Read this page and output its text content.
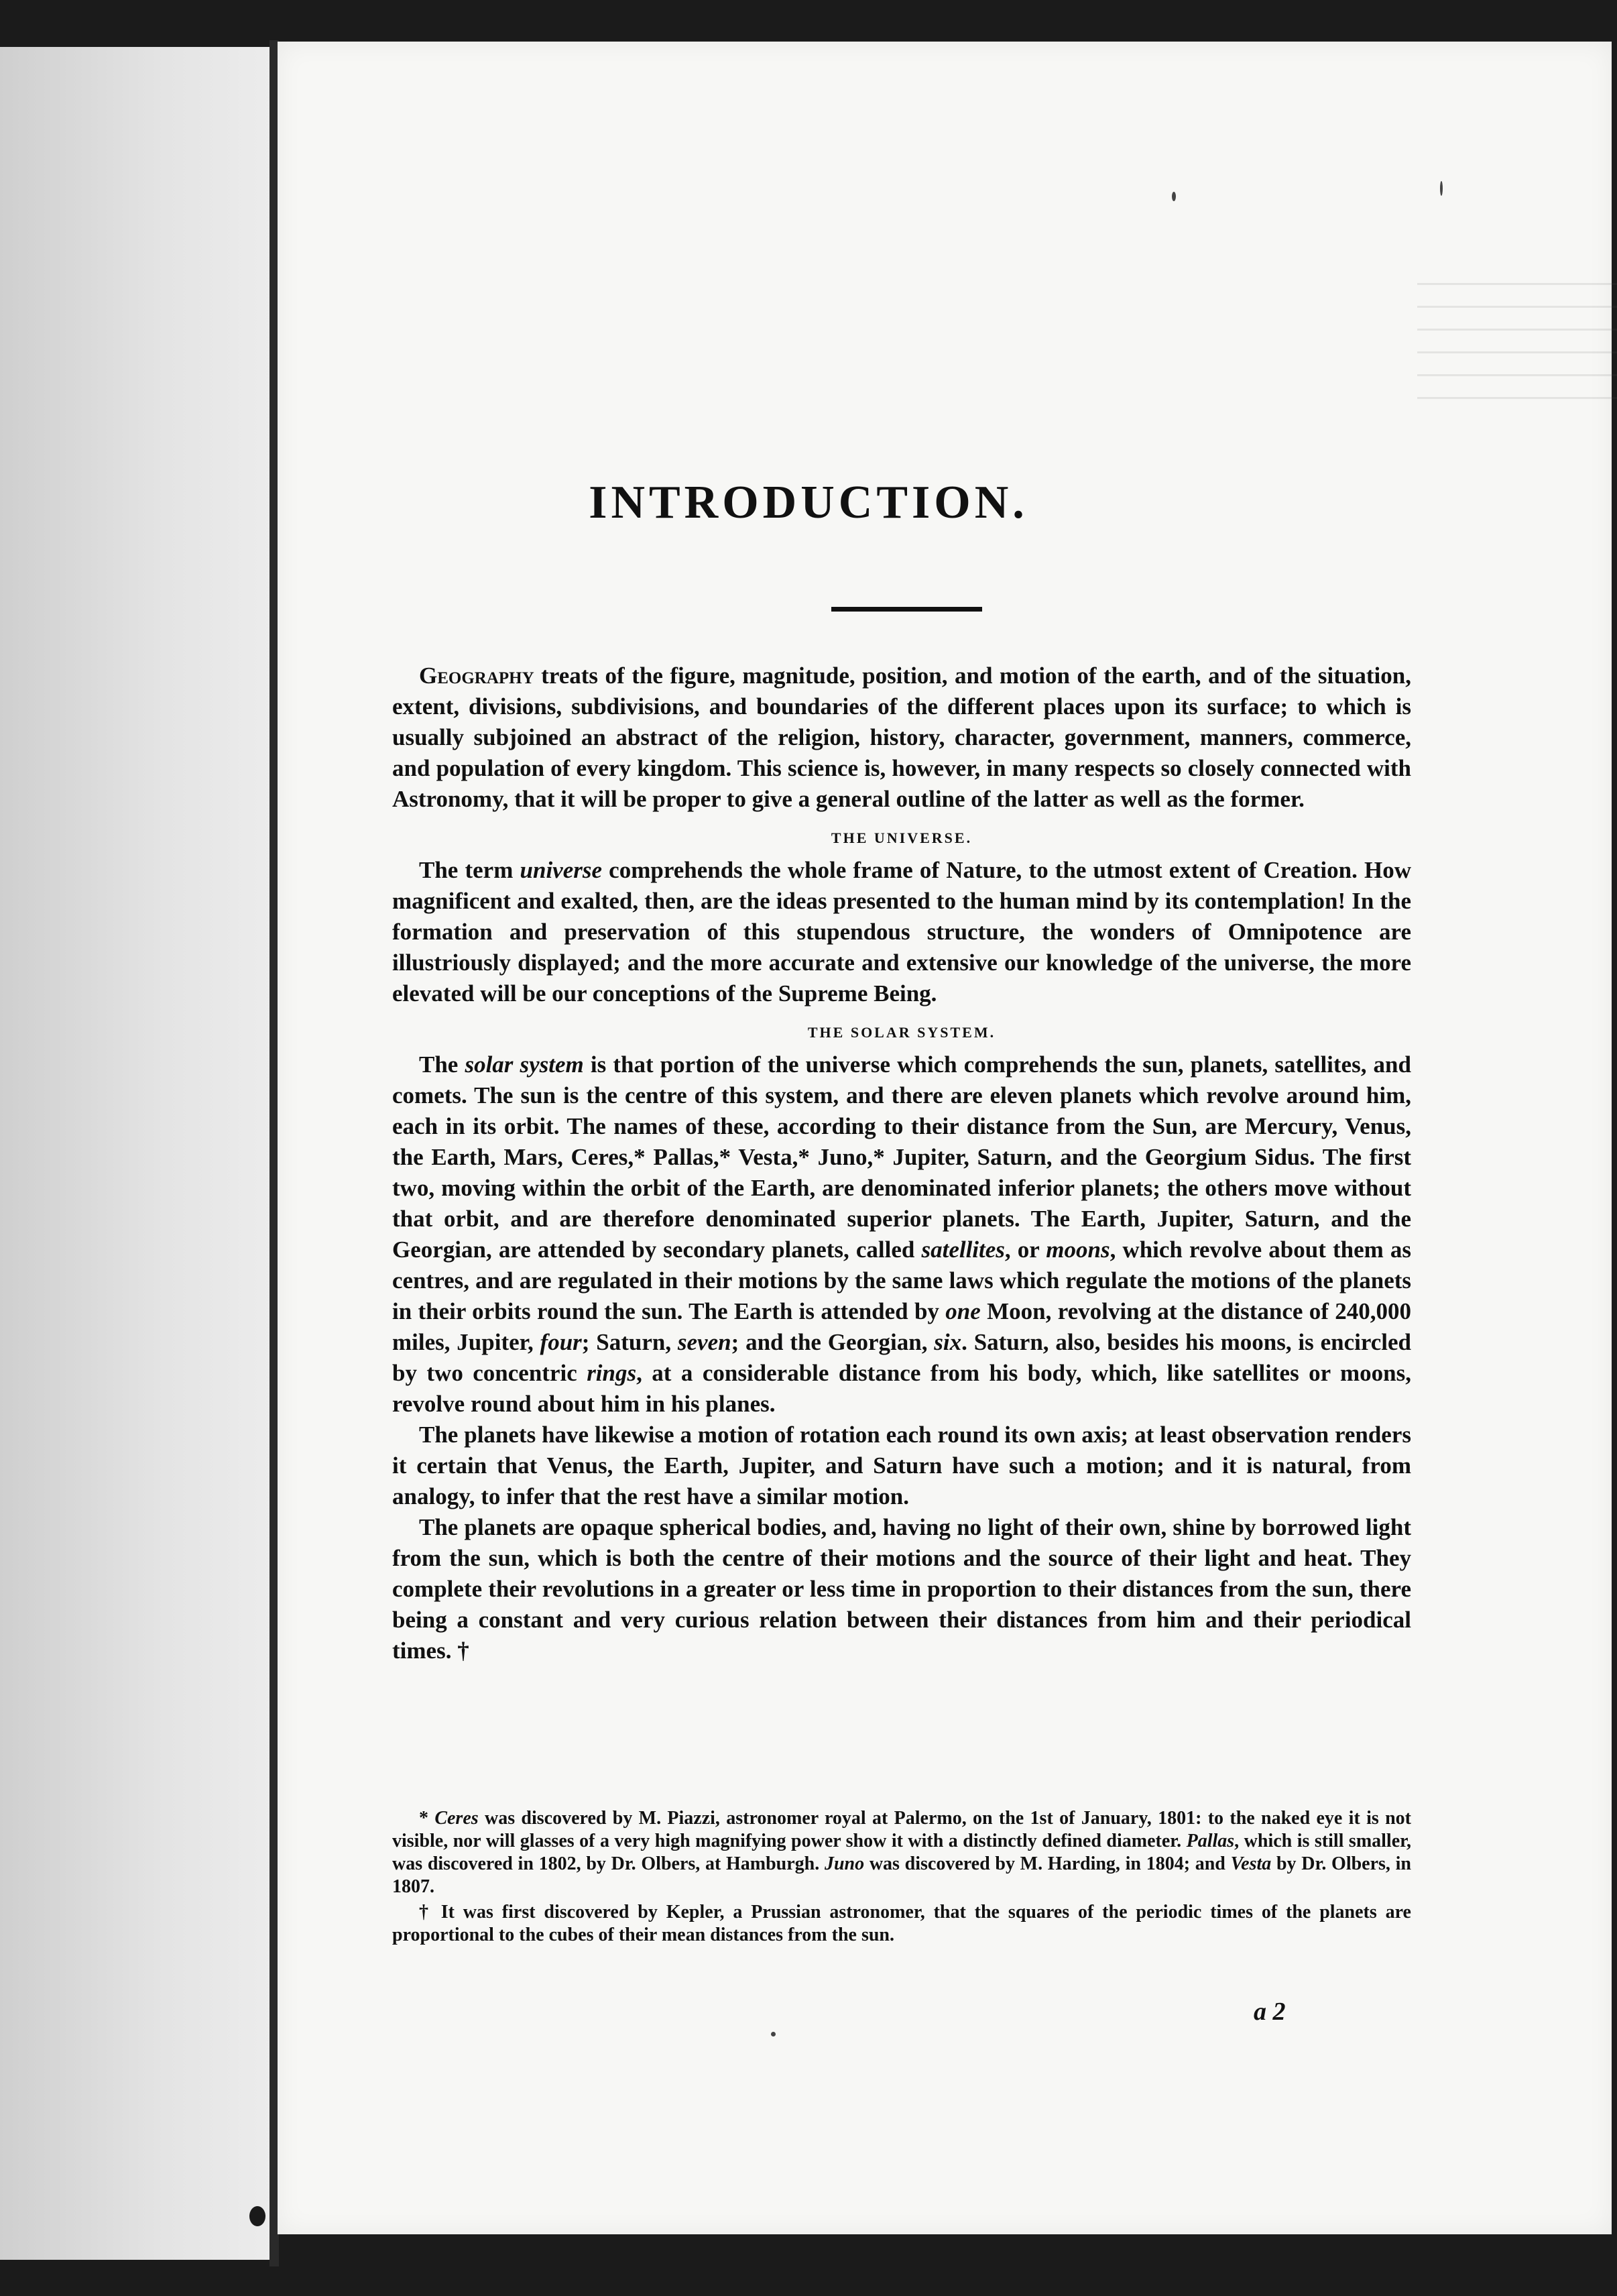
INTRODUCTION.

Geography treats of the figure, magnitude, position, and motion of the earth, and of the situation, extent, divisions, subdivisions, and boundaries of the different places upon its surface; to which is usually subjoined an abstract of the religion, history, character, government, manners, commerce, and population of every kingdom. This science is, however, in many respects so closely connected with Astronomy, that it will be proper to give a general outline of the latter as well as the former.

THE UNIVERSE.

The term universe comprehends the whole frame of Nature, to the utmost extent of Creation. How magnificent and exalted, then, are the ideas presented to the human mind by its contemplation! In the formation and preservation of this stupendous structure, the wonders of Omnipotence are illustriously displayed; and the more accurate and extensive our knowledge of the universe, the more elevated will be our conceptions of the Supreme Being.

THE SOLAR SYSTEM.

The solar system is that portion of the universe which comprehends the sun, planets, satellites, and comets. The sun is the centre of this system, and there are eleven planets which revolve around him, each in its orbit. The names of these, according to their distance from the Sun, are Mercury, Venus, the Earth, Mars, Ceres,* Pallas,* Vesta,* Juno,* Jupiter, Saturn, and the Georgium Sidus. The first two, moving within the orbit of the Earth, are denominated inferior planets; the others move without that orbit, and are therefore denominated superior planets. The Earth, Jupiter, Saturn, and the Georgian, are attended by secondary planets, called satellites, or moons, which revolve about them as centres, and are regulated in their motions by the same laws which regulate the motions of the planets in their orbits round the sun. The Earth is attended by one Moon, revolving at the distance of 240,000 miles, Jupiter, four; Saturn, seven; and the Georgian, six. Saturn, also, besides his moons, is encircled by two concentric rings, at a considerable distance from his body, which, like satellites or moons, revolve round about him in his planes.

The planets have likewise a motion of rotation each round its own axis; at least observation renders it certain that Venus, the Earth, Jupiter, and Saturn have such a motion; and it is natural, from analogy, to infer that the rest have a similar motion.

The planets are opaque spherical bodies, and, having no light of their own, shine by borrowed light from the sun, which is both the centre of their motions and the source of their light and heat. They complete their revolutions in a greater or less time in proportion to their distances from the sun, there being a constant and very curious relation between their distances from him and their periodical times. †

* Ceres was discovered by M. Piazzi, astronomer royal at Palermo, on the 1st of January, 1801: to the naked eye it is not visible, nor will glasses of a very high magnifying power show it with a distinctly defined diameter. Pallas, which is still smaller, was discovered in 1802, by Dr. Olbers, at Hamburgh. Juno was discovered by M. Harding, in 1804; and Vesta by Dr. Olbers, in 1807.

† It was first discovered by Kepler, a Prussian astronomer, that the squares of the periodic times of the planets are proportional to the cubes of their mean distances from the sun.

a 2
